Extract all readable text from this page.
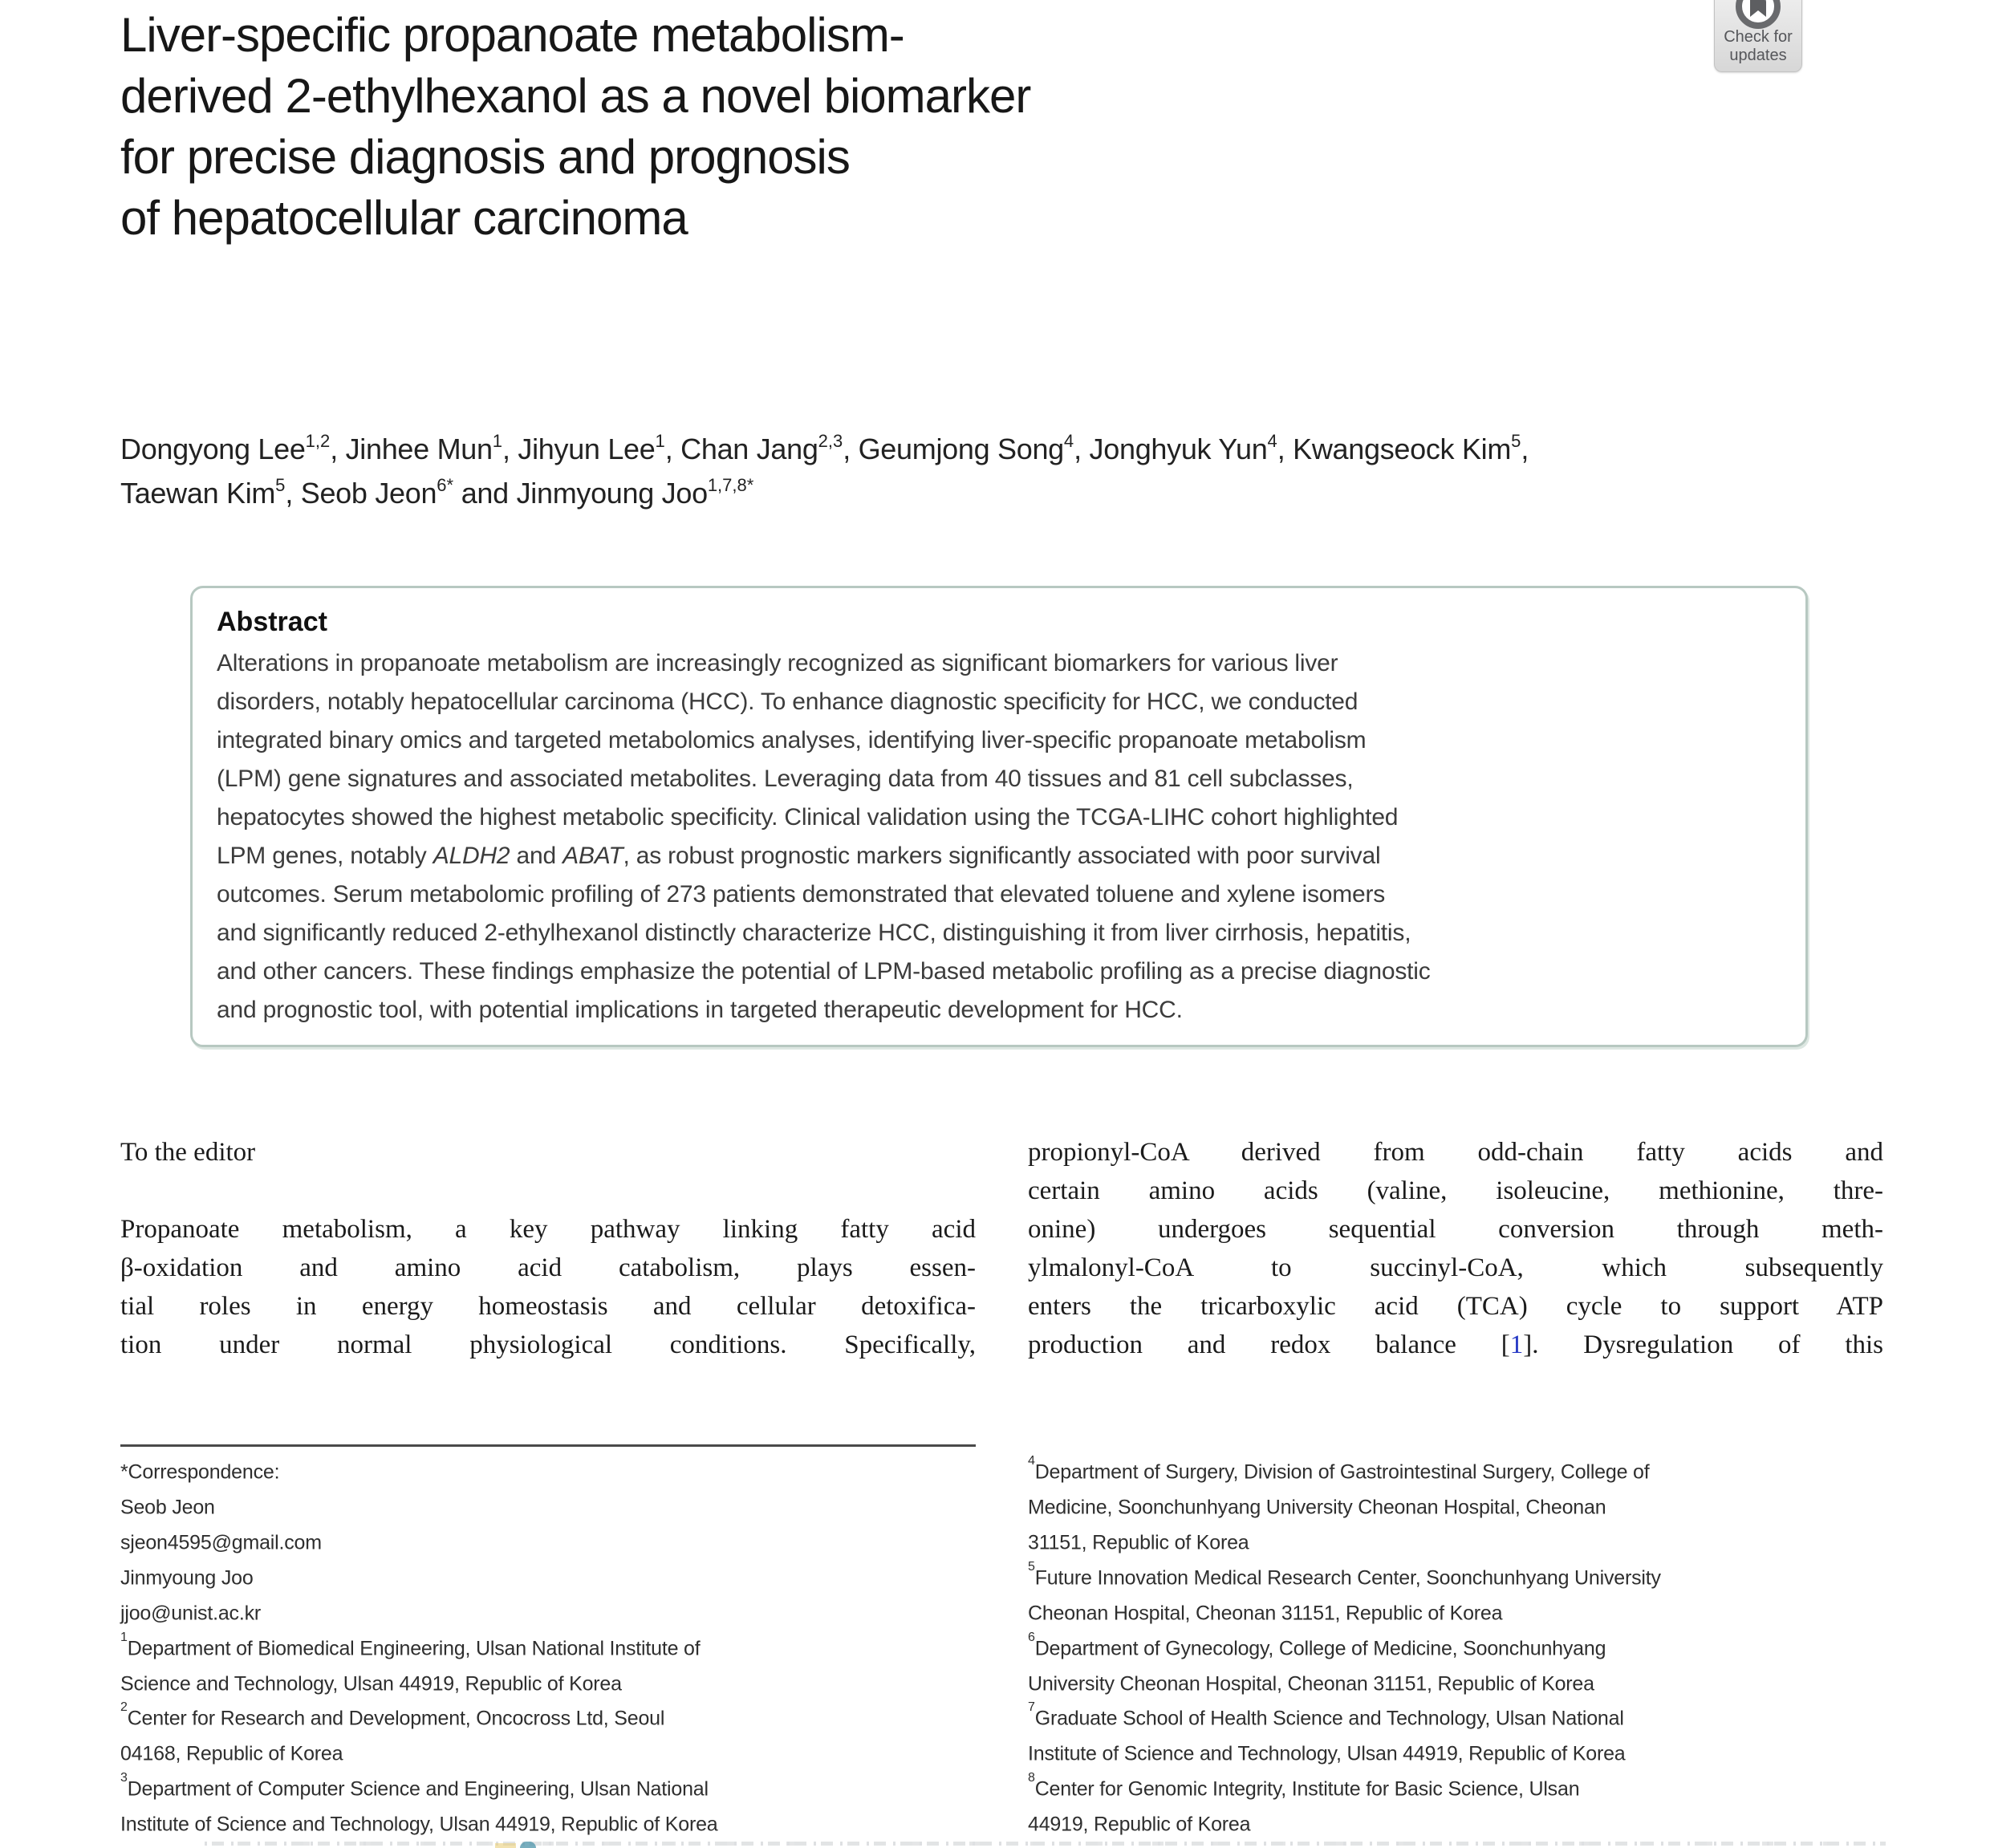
Check for
updates
Liver-specific propanoate metabolism-
derived 2-ethylhexanol as a novel biomarker
for precise diagnosis and prognosis
of hepatocellular carcinoma
Dongyong Lee$^{1,2}$, Jinhee Mun$^1$, Jihyun Lee$^1$, Chan Jang$^{2,3}$, Geumjong Song$^4$, Jonghyuk Yun$^4$, Kwangseock Kim$^5$,
Taewan Kim$^5$, Seob Jeon$^{6*}$ and Jinmyoung Joo$^{1,7,8*}$
Abstract
Alterations in propanoate metabolism are increasingly recognized as significant biomarkers for various liver
disorders, notably hepatocellular carcinoma (HCC). To enhance diagnostic specificity for HCC, we conducted
integrated binary omics and targeted metabolomics analyses, identifying liver-specific propanoate metabolism
(LPM) gene signatures and associated metabolites. Leveraging data from 40 tissues and 81 cell subclasses,
hepatocytes showed the highest metabolic specificity. Clinical validation using the TCGA-LIHC cohort highlighted
LPM genes, notably ALDH2 and ABAT, as robust prognostic markers significantly associated with poor survival
outcomes. Serum metabolomic profiling of 273 patients demonstrated that elevated toluene and xylene isomers
and significantly reduced 2-ethylhexanol distinctly characterize HCC, distinguishing it from liver cirrhosis, hepatitis,
and other cancers. These findings emphasize the potential of LPM-based metabolic profiling as a precise diagnostic
and prognostic tool, with potential implications in targeted therapeutic development for HCC.
To the editor
Propanoate metabolism, a key pathway linking fatty acid
β-oxidation and amino acid catabolism, plays essen-
tial roles in energy homeostasis and cellular detoxifica-
tion under normal physiological conditions. Specifically,
propionyl-CoA derived from odd-chain fatty acids and
certain amino acids (valine, isoleucine, methionine, thre-
onine) undergoes sequential conversion through meth-
ylmalonyl-CoA to succinyl-CoA, which subsequently
enters the tricarboxylic acid (TCA) cycle to support ATP
production and redox balance [1]. Dysregulation of this
*Correspondence:
Seob Jeon
sjeon4595@gmail.com
Jinmyoung Joo
jjoo@unist.ac.kr
$^1$Department of Biomedical Engineering, Ulsan National Institute of
Science and Technology, Ulsan 44919, Republic of Korea
$^2$Center for Research and Development, Oncocross Ltd, Seoul
04168, Republic of Korea
$^3$Department of Computer Science and Engineering, Ulsan National
Institute of Science and Technology, Ulsan 44919, Republic of Korea
$^4$Department of Surgery, Division of Gastrointestinal Surgery, College of
Medicine, Soonchunhyang University Cheonan Hospital, Cheonan
31151, Republic of Korea
$^5$Future Innovation Medical Research Center, Soonchunhyang University
Cheonan Hospital, Cheonan 31151, Republic of Korea
$^6$Department of Gynecology, College of Medicine, Soonchunhyang
University Cheonan Hospital, Cheonan 31151, Republic of Korea
$^7$Graduate School of Health Science and Technology, Ulsan National
Institute of Science and Technology, Ulsan 44919, Republic of Korea
$^8$Center for Genomic Integrity, Institute for Basic Science, Ulsan
44919, Republic of Korea
